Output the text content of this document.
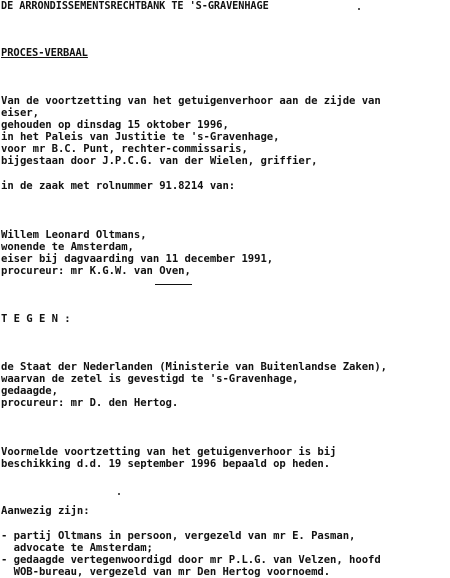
DE ARRONDISSEMENTSRECHTBANK TE 'S-GRAVENHAGE
PROCES-VERBAAL
Van de voortzetting van het getuigenverhoor aan de zijde van
eiser,
gehouden op dinsdag 15 oktober 1996,
in het Paleis van Justitie te 's-Gravenhage,
voor mr B.C. Punt, rechter-commissaris,
bijgestaan door J.P.C.G. van der Wielen, griffier,
in de zaak met rolnummer 91.8214 van:
Willem Leonard Oltmans,
wonende te Amsterdam,
eiser bij dagvaarding van 11 december 1991,
procureur: mr K.G.W. van Oven,
T E G E N :
de Staat der Nederlanden (Ministerie van Buitenlandse Zaken),
waarvan de zetel is gevestigd te 's-Gravenhage,
gedaagde,
procureur: mr D. den Hertog.
Voormelde voortzetting van het getuigenverhoor is bij
beschikking d.d. 19 september 1996 bepaald op heden.
Aanwezig zijn:
- partij Oltmans in persoon, vergezeld van mr E. Pasman,
advocate te Amsterdam;
- gedaagde vertegenwoordigd door mr P.L.G. van Velzen, hoofd
WOB-bureau, vergezeld van mr Den Hertog voornoemd.
